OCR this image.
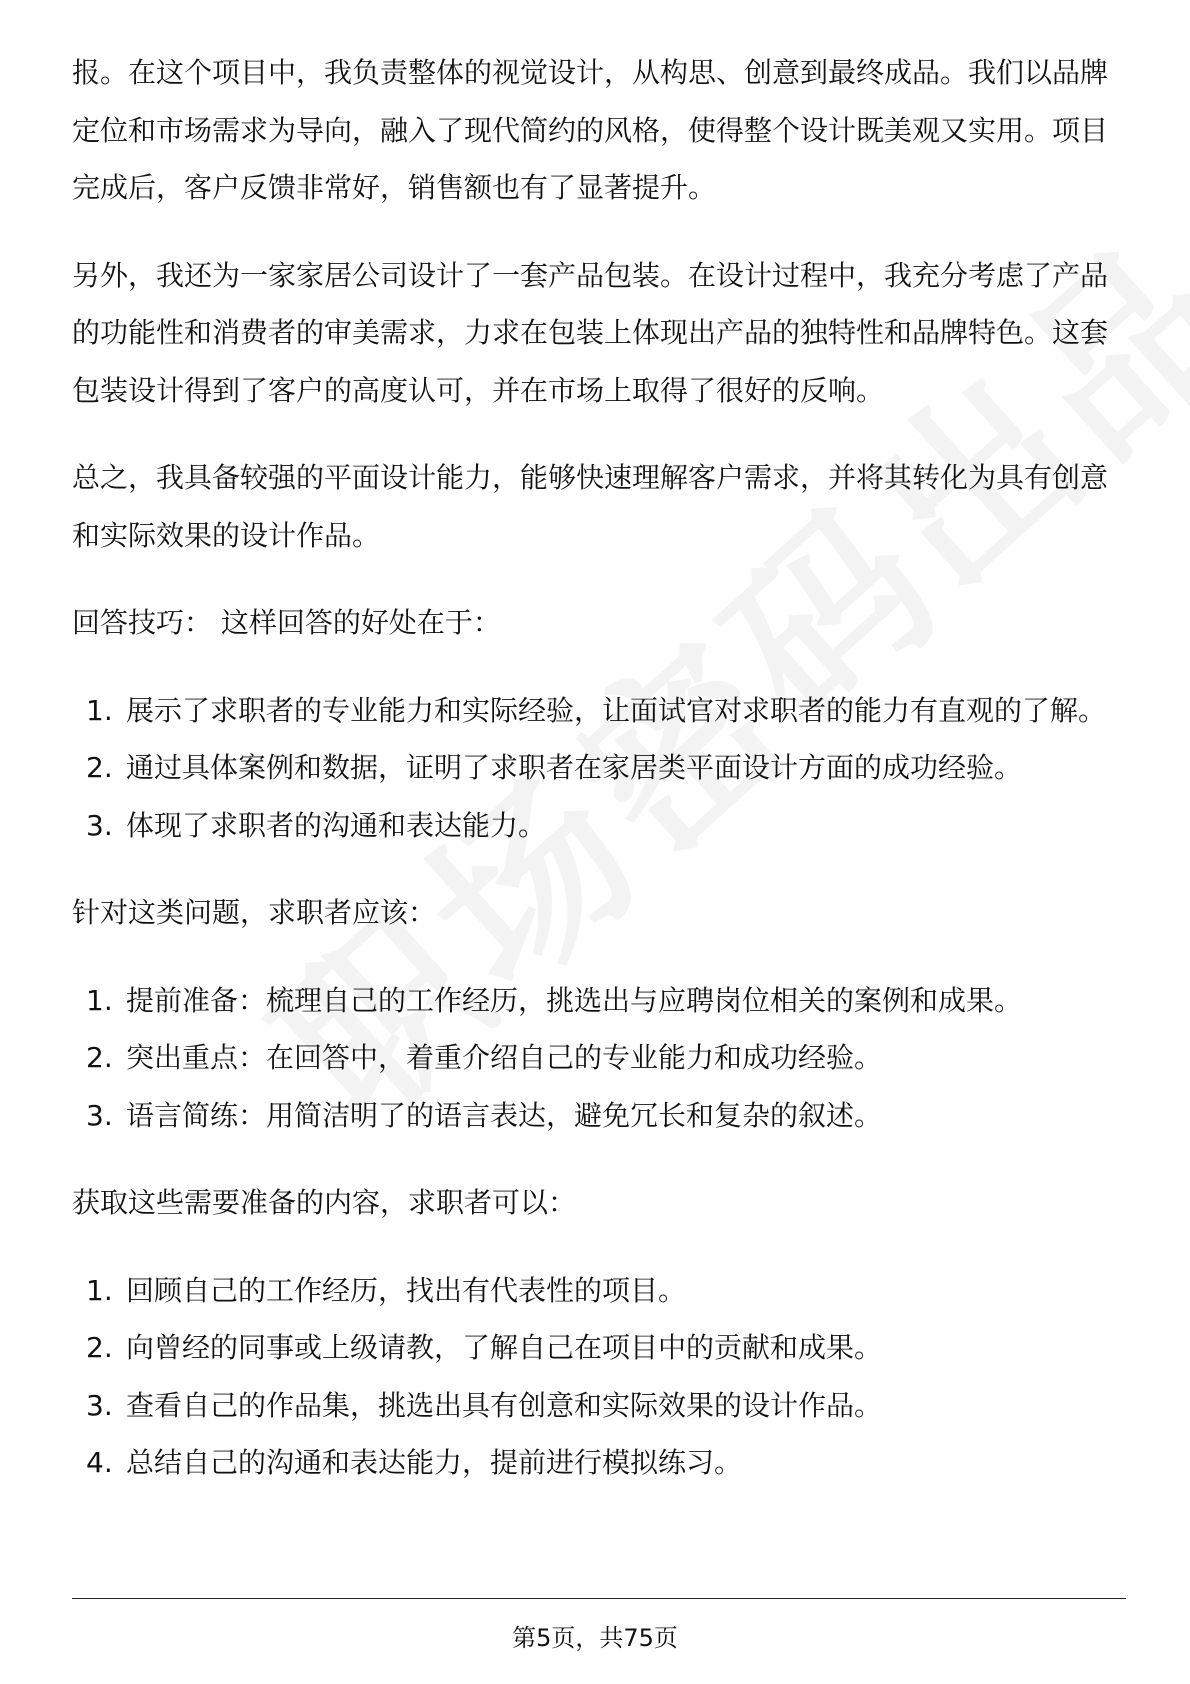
报。在这个项目中，我负责整体的视觉设计，从构思、创意到最终成品。我们以品牌定位和市场需求为导向，融入了现代简约的风格，使得整个设计既美观又实用。项目完成后，客户反馈非常好，销售额也有了显著提升。

另外，我还为一家家居公司设计了一套产品包装。在设计过程中，我充分考虑了产品的功能性和消费者的审美需求，力求在包装上体现出产品的独特性和品牌特色。这套包装设计得到了客户的高度认可，并在市场上取得了很好的反响。

总之，我具备较强的平面设计能力，能够快速理解客户需求，并将其转化为具有创意和实际效果的设计作品。

回答技巧： 这样回答的好处在于：

1. 展示了求职者的专业能力和实际经验，让面试官对求职者的能力有直观的了解。
2. 通过具体案例和数据，证明了求职者在家居类平面设计方面的成功经验。
3. 体现了求职者的沟通和表达能力。

针对这类问题，求职者应该：

1. 提前准备：梳理自己的工作经历，挑选出与应聘岗位相关的案例和成果。
2. 突出重点：在回答中，着重介绍自己的专业能力和成功经验。
3. 语言简练：用简洁明了的语言表达，避免冗长和复杂的叙述。

获取这些需要准备的内容，求职者可以：

1. 回顾自己的工作经历，找出有代表性的项目。
2. 向曾经的同事或上级请教，了解自己在项目中的贡献和成果。
3. 查看自己的作品集，挑选出具有创意和实际效果的设计作品。
4. 总结自己的沟通和表达能力，提前进行模拟练习。
第5页，共75页
